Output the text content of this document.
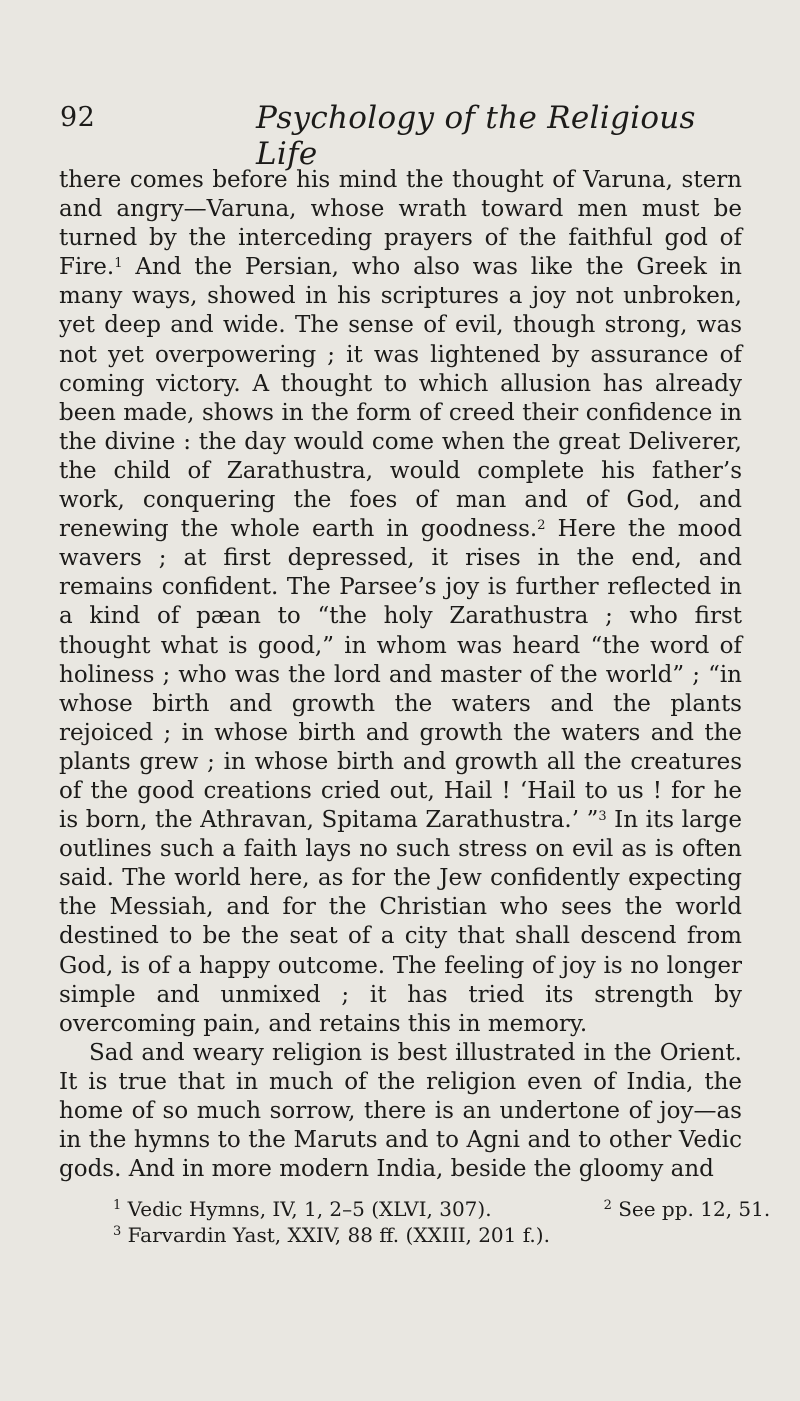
92	Psychology of the Religious Life

there comes before his mind the thought of Varuna, stern and angry—Varuna, whose wrath toward men must be turned by the interceding prayers of the faithful god of Fire.$^1$ And the Persian, who also was like the Greek in many ways, showed in his scriptures a joy not unbroken, yet deep and wide. The sense of evil, though strong, was not yet overpowering ; it was lightened by assurance of coming victory. A thought to which allusion has already been made, shows in the form of creed their confidence in the divine : the day would come when the great Deliverer, the child of Zarathustra, would complete his father’s work, conquering the foes of man and of God, and renewing the whole earth in goodness.$^2$ Here the mood wavers ; at first depressed, it rises in the end, and remains confident. The Parsee’s joy is further reflected in a kind of pæan to “the holy Zarathustra ; who first thought what is good,” in whom was heard “the word of holiness ; who was the lord and master of the world” ; “in whose birth and growth the waters and the plants rejoiced ; in whose birth and growth the waters and the plants grew ; in whose birth and growth all the creatures of the good creations cried out, Hail ! ‘Hail to us ! for he is born, the Athravan, Spitama Zarathustra.’ ”$^3$ In its large outlines such a faith lays no such stress on evil as is often said. The world here, as for the Jew confidently expecting the Messiah, and for the Christian who sees the world destined to be the seat of a city that shall descend from God, is of a happy outcome. The feeling of joy is no longer simple and unmixed ; it has tried its strength by overcoming pain, and retains this in memory.

Sad and weary religion is best illustrated in the Orient. It is true that in much of the religion even of India, the home of so much sorrow, there is an undertone of joy—as in the hymns to the Maruts and to Agni and to other Vedic gods. And in more modern India, beside the gloomy and

$^1$ Vedic Hymns, IV, 1, 2–5 (XLVI, 307).	$^2$ See pp. 12, 51.
$^3$ Farvardin Yast, XXIV, 88 ff. (XXIII, 201 f.).
